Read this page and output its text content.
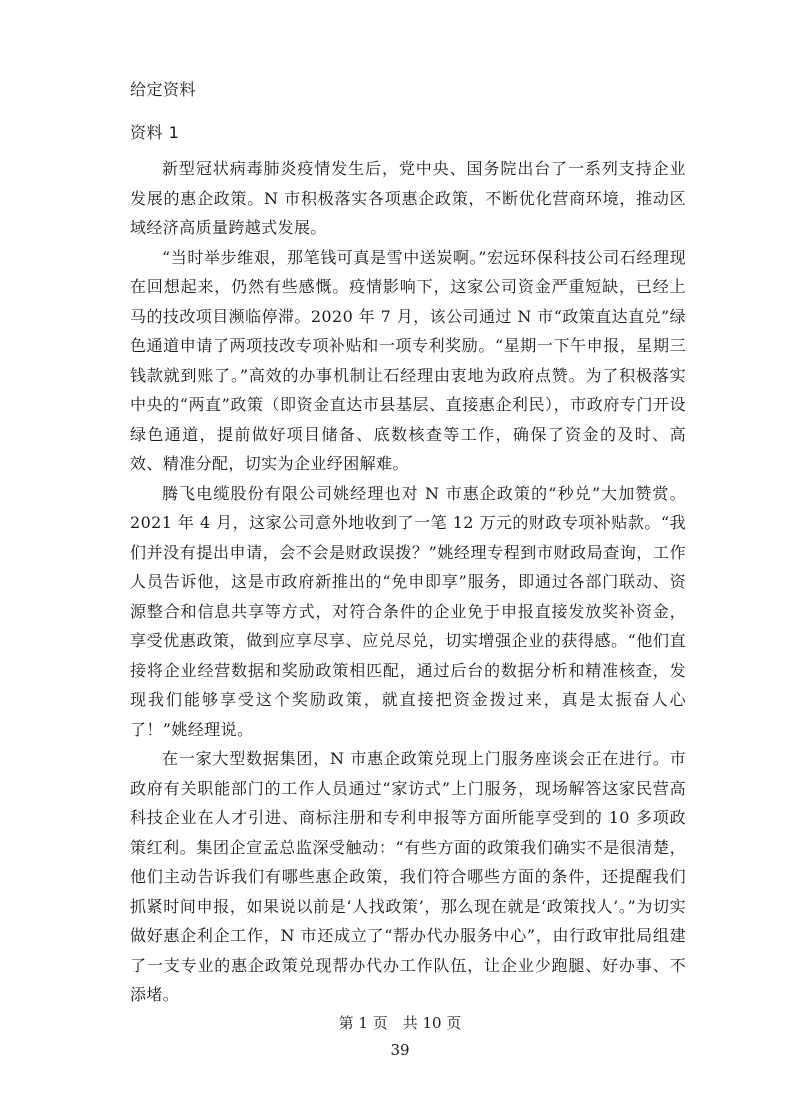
给定资料
资料 1

新型冠状病毒肺炎疫情发生后，党中央、国务院出台了一系列支持企业发展的惠企政策。N 市积极落实各项惠企政策，不断优化营商环境，推动区域经济高质量跨越式发展。

“当时举步维艰，那笔钱可真是雪中送炭啊。”宏远环保科技公司石经理现在回想起来，仍然有些感慨。疫情影响下，这家公司资金严重短缺，已经上马的技改项目濒临停滞。2020 年 7 月，该公司通过 N 市“政策直达直兑”绿色通道申请了两项技改专项补贴和一项专利奖励。“星期一下午申报，星期三钱款就到账了。”高效的办事机制让石经理由衷地为政府点赞。为了积极落实中央的“两直”政策（即资金直达市县基层、直接惠企利民），市政府专门开设绿色通道，提前做好项目储备、底数核查等工作，确保了资金的及时、高效、精准分配，切实为企业纾困解难。

腾飞电缆股份有限公司姚经理也对 N 市惠企政策的“秒兑”大加赞赏。2021 年 4 月，这家公司意外地收到了一笔 12 万元的财政专项补贴款。“我们并没有提出申请，会不会是财政误拨？”姚经理专程到市财政局查询，工作人员告诉他，这是市政府新推出的“免申即享”服务，即通过各部门联动、资源整合和信息共享等方式，对符合条件的企业免于申报直接发放奖补资金，享受优惠政策，做到应享尽享、应兑尽兑，切实增强企业的获得感。“他们直接将企业经营数据和奖励政策相匹配，通过后台的数据分析和精准核查，发现我们能够享受这个奖励政策，就直接把资金拨过来，真是太振奋人心了！”姚经理说。

在一家大型数据集团，N 市惠企政策兑现上门服务座谈会正在进行。市政府有关职能部门的工作人员通过“家访式”上门服务，现场解答这家民营高科技企业在人才引进、商标注册和专利申报等方面所能享受到的 10 多项政策红利。集团企宣孟总监深受触动：“有些方面的政策我们确实不是很清楚，他们主动告诉我们有哪些惠企政策，我们符合哪些方面的条件，还提醒我们抓紧时间申报，如果说以前是‘人找政策’，那么现在就是‘政策找人’。”为切实做好惠企利企工作，N 市还成立了“帮办代办服务中心”，由行政审批局组建了一支专业的惠企政策兑现帮办代办工作队伍，让企业少跑腿、好办事、不添堵。

第 1 页　共 10 页
39
